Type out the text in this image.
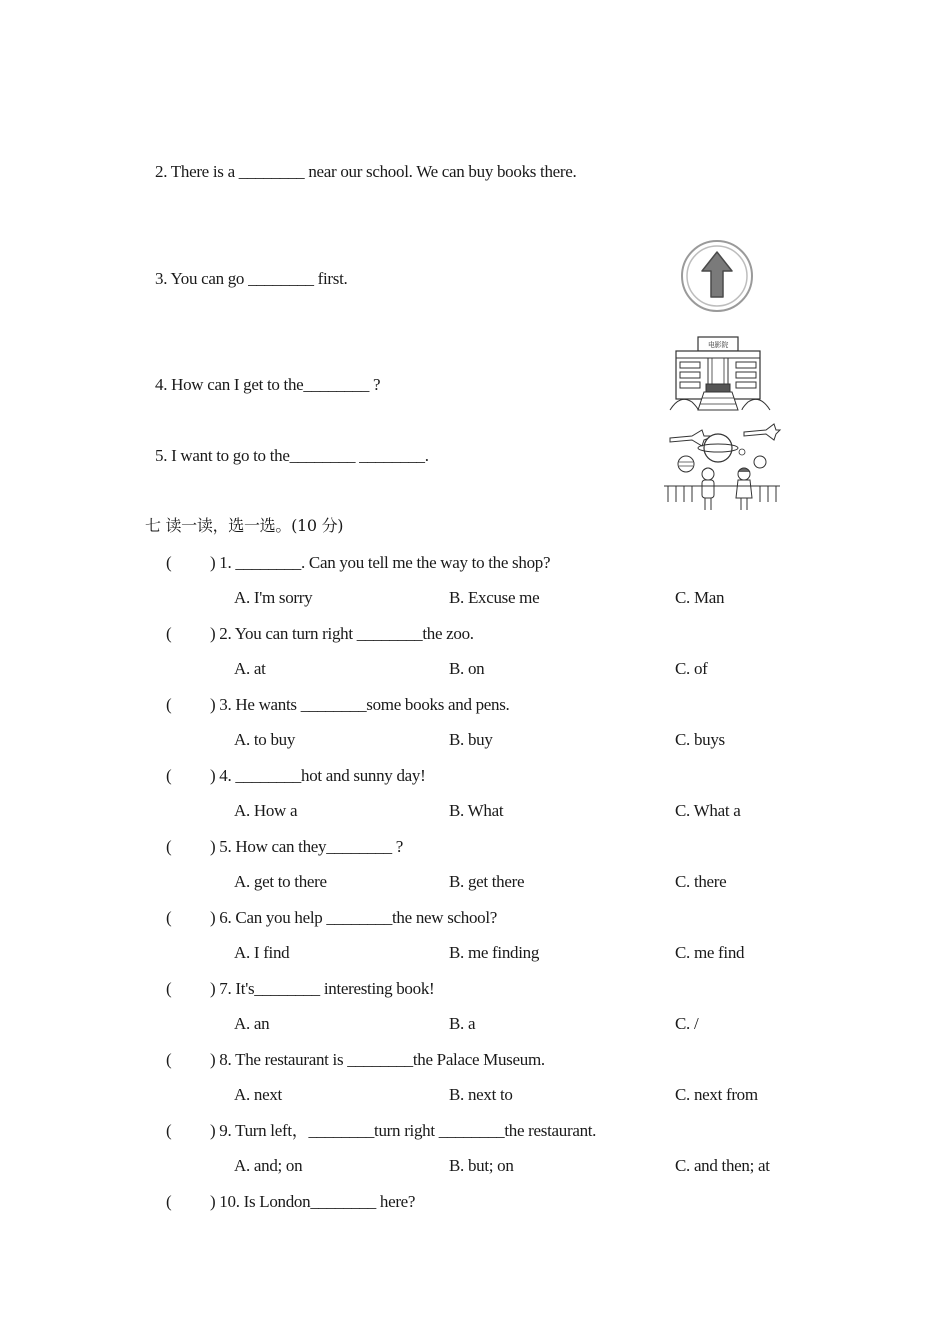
2. There is a ________ near our school. We can buy books there.
3. You can go ________ first.
4. How can I get to the________ ?
5. I want to go to the________ ________.
电影院
七 读一读，选一选。(10 分)
( ) 1. ________. Can you tell me the way to the shop?
A. I'm sorry	B. Excuse me	C. Man
( ) 2. You can turn right ________the zoo.
A. at	B. on	C. of
( ) 3. He wants ________some books and pens.
A. to buy	B. buy	C. buys
( ) 4. ________hot and sunny day!
A. How a	B. What	C. What a
( ) 5. How can they________ ?
A. get to there	B. get there	C. there
( ) 6. Can you help ________the new school?
A. I find	B. me finding	C. me find
( ) 7. It's________ interesting book!
A. an	B. a	C. /
( ) 8. The restaurant is ________the Palace Museum.
A. next	B. next to	C. next from
( ) 9. Turn left，________turn right ________the restaurant.
A. and; on	B. but; on	C. and then; at
( ) 10. Is London________ here?
